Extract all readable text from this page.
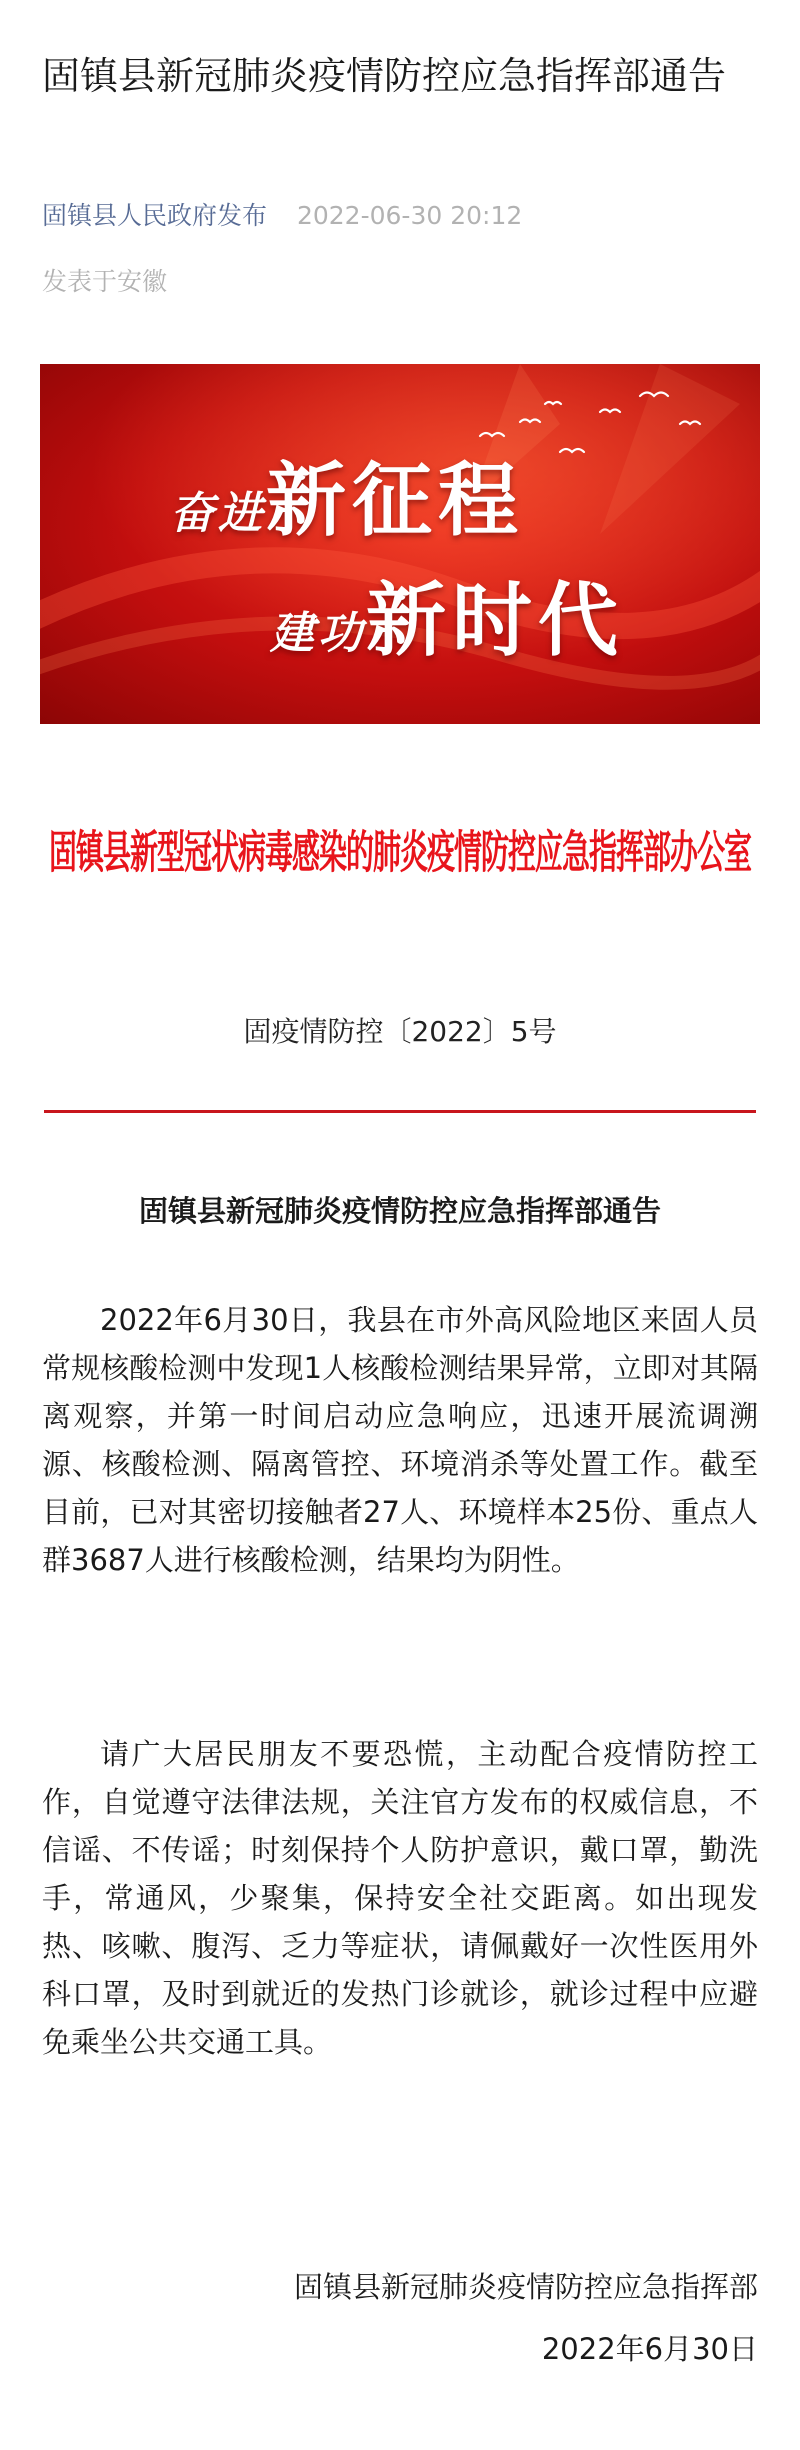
固镇县新冠肺炎疫情防控应急指挥部通告
固镇县人民政府发布 2022-06-30 20:12
发表于安徽
奋进新征程
建功新时代
固镇县新型冠状病毒感染的肺炎疫情防控应急指挥部办公室
固疫情防控〔2022〕5号
固镇县新冠肺炎疫情防控应急指挥部通告

2022年6月30日，我县在市外高风险地区来固人员常规核酸检测中发现1人核酸检测结果异常，立即对其隔离观察，并第一时间启动应急响应，迅速开展流调溯源、核酸检测、隔离管控、环境消杀等处置工作。截至目前，已对其密切接触者27人、环境样本25份、重点人群3687人进行核酸检测，结果均为阴性。

请广大居民朋友不要恐慌，主动配合疫情防控工作，自觉遵守法律法规，关注官方发布的权威信息，不信谣、不传谣；时刻保持个人防护意识，戴口罩，勤洗手，常通风，少聚集，保持安全社交距离。如出现发热、咳嗽、腹泻、乏力等症状，请佩戴好一次性医用外科口罩，及时到就近的发热门诊就诊，就诊过程中应避免乘坐公共交通工具。

固镇县新冠肺炎疫情防控应急指挥部
2022年6月30日
